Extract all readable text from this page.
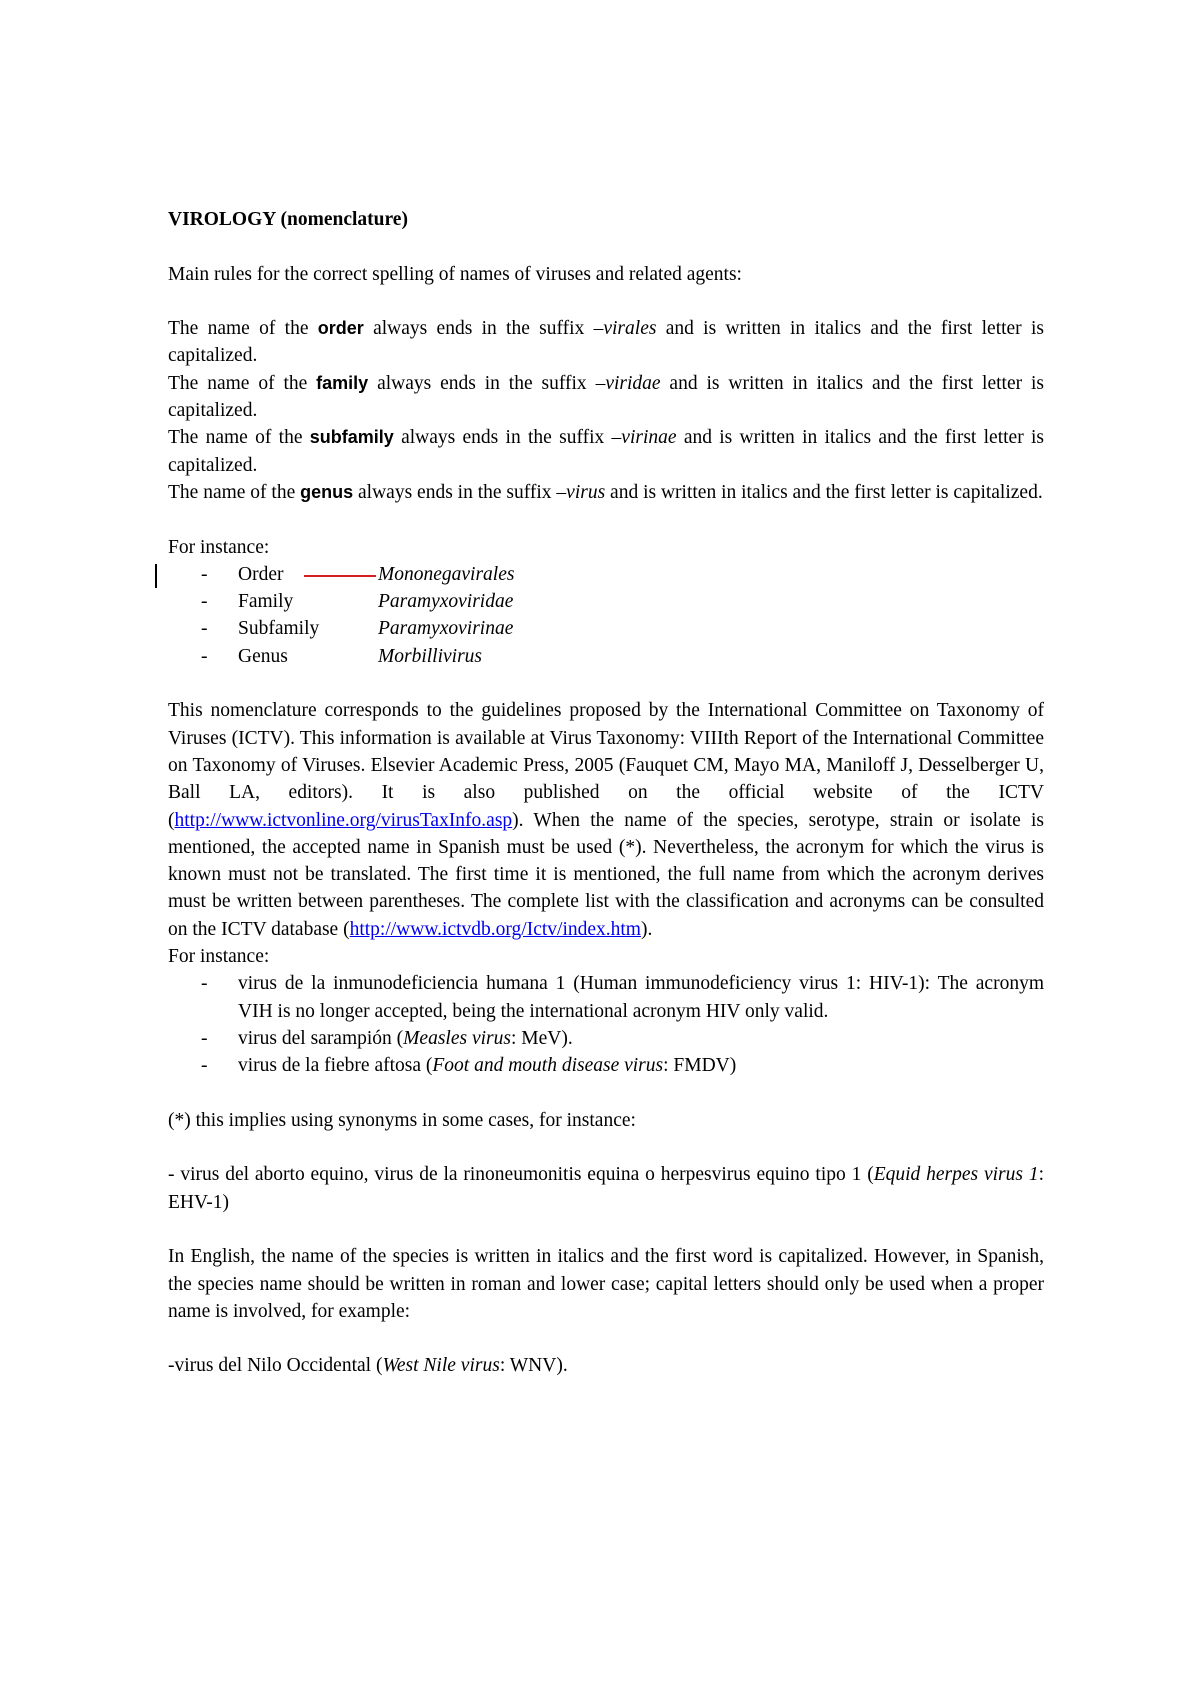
VIROLOGY (nomenclature)

Main rules for the correct spelling of names of viruses and related agents:

The name of the order always ends in the suffix –virales and is written in italics and the first letter is capitalized.

The name of the family always ends in the suffix –viridae and is written in italics and the first letter is capitalized.

The name of the subfamily always ends in the suffix –virinae and is written in italics and the first letter is capitalized.

The name of the genus always ends in the suffix –virus and is written in italics and the first letter is capitalized.

For instance:

- Order	Mononegavirales
- Family	Paramyxoviridae
- Subfamily	Paramyxovirinae
- Genus	Morbillivirus

This nomenclature corresponds to the guidelines proposed by the International Committee on Taxonomy of Viruses (ICTV). This information is available at Virus Taxonomy: VIIIth Report of the International Committee on Taxonomy of Viruses. Elsevier Academic Press, 2005 (Fauquet CM, Mayo MA, Maniloff J, Desselberger U, Ball LA, editors). It is also published on the official website of the ICTV (http://www.ictvonline.org/virusTaxInfo.asp). When the name of the species, serotype, strain or isolate is mentioned, the accepted name in Spanish must be used (*). Nevertheless, the acronym for which the virus is known must not be translated. The first time it is mentioned, the full name from which the acronym derives must be written between parentheses. The complete list with the classification and acronyms can be consulted on the ICTV database (http://www.ictvdb.org/Ictv/index.htm).

For instance:

- virus de la inmunodeficiencia humana 1 (Human immunodeficiency virus 1: HIV-1): The acronym VIH is no longer accepted, being the international acronym HIV only valid.
- virus del sarampión (Measles virus: MeV).
- virus de la fiebre aftosa (Foot and mouth disease virus: FMDV)

(*) this implies using synonyms in some cases, for instance:

- virus del aborto equino, virus de la rinoneumonitis equina o herpesvirus equino tipo 1 (Equid herpes virus 1: EHV-1)

In English, the name of the species is written in italics and the first word is capitalized. However, in Spanish, the species name should be written in roman and lower case; capital letters should only be used when a proper name is involved, for example:

-virus del Nilo Occidental (West Nile virus: WNV).
